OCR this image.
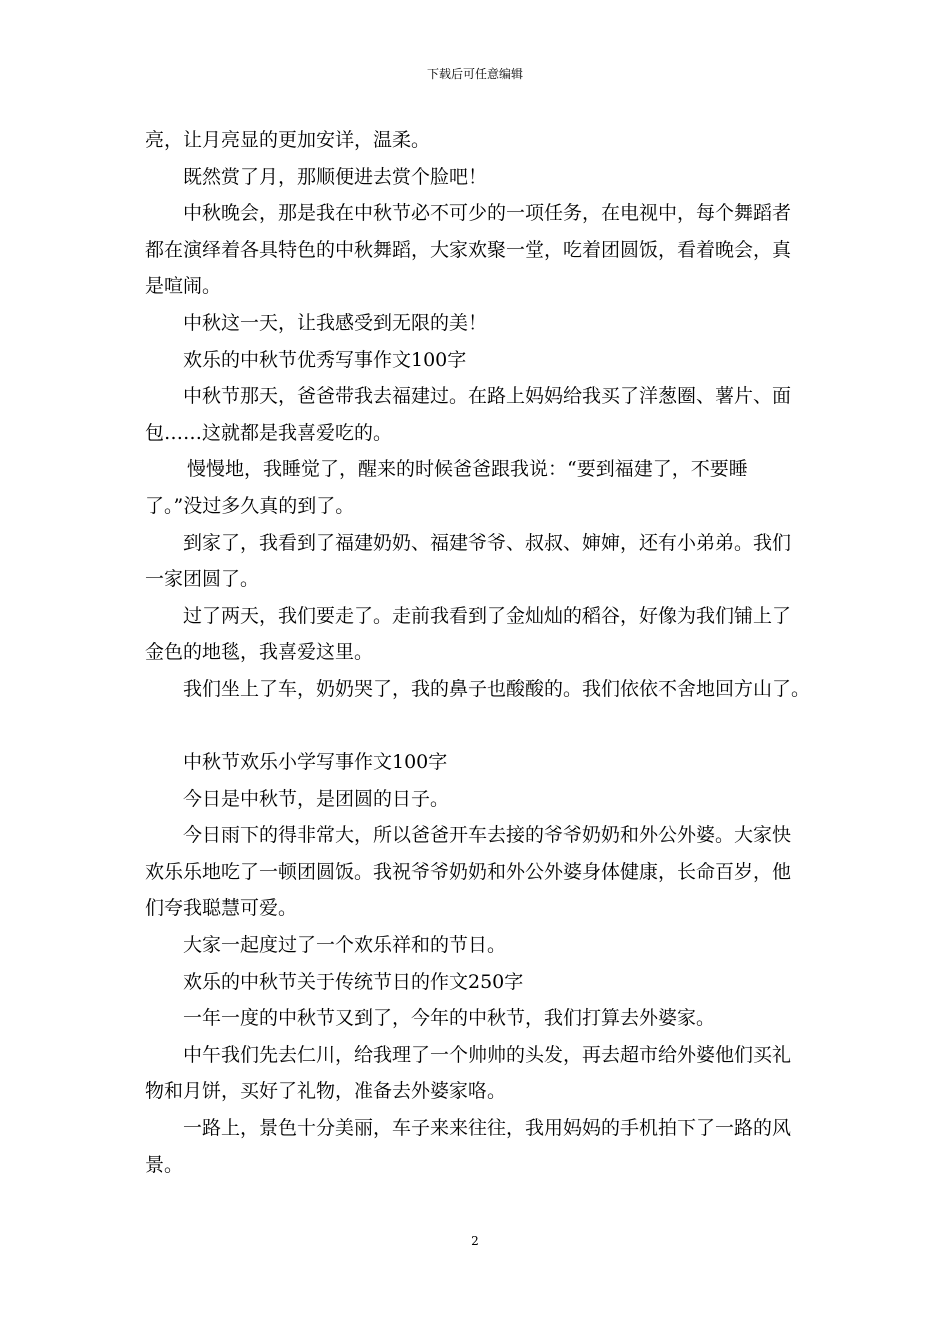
下载后可任意编辑
亮，让月亮显的更加安详，温柔。
既然赏了月，那顺便进去赏个脸吧！
中秋晚会，那是我在中秋节必不可少的一项任务，在电视中，每个舞蹈者
都在演绎着各具特色的中秋舞蹈，大家欢聚一堂，吃着团圆饭，看着晚会，真
是喧闹。
中秋这一天，让我感受到无限的美！
欢乐的中秋节优秀写事作文100字
中秋节那天，爸爸带我去福建过。在路上妈妈给我买了洋葱圈、薯片、面
包……这就都是我喜爱吃的。
慢慢地，我睡觉了，醒来的时候爸爸跟我说：“要到福建了，不要睡
了。”没过多久真的到了。
到家了，我看到了福建奶奶、福建爷爷、叔叔、婶婶，还有小弟弟。我们
一家团圆了。
过了两天，我们要走了。走前我看到了金灿灿的稻谷，好像为我们铺上了
金色的地毯，我喜爱这里。
我们坐上了车，奶奶哭了，我的鼻子也酸酸的。我们依依不舍地回方山了。
中秋节欢乐小学写事作文100字
今日是中秋节，是团圆的日子。
今日雨下的得非常大，所以爸爸开车去接的爷爷奶奶和外公外婆。大家快
欢乐乐地吃了一顿团圆饭。我祝爷爷奶奶和外公外婆身体健康，长命百岁，他
们夸我聪慧可爱。
大家一起度过了一个欢乐祥和的节日。
欢乐的中秋节关于传统节日的作文250字
一年一度的中秋节又到了，今年的中秋节，我们打算去外婆家。
中午我们先去仁川，给我理了一个帅帅的头发，再去超市给外婆他们买礼
物和月饼，买好了礼物，准备去外婆家咯。
一路上，景色十分美丽，车子来来往往，我用妈妈的手机拍下了一路的风
景。
2
